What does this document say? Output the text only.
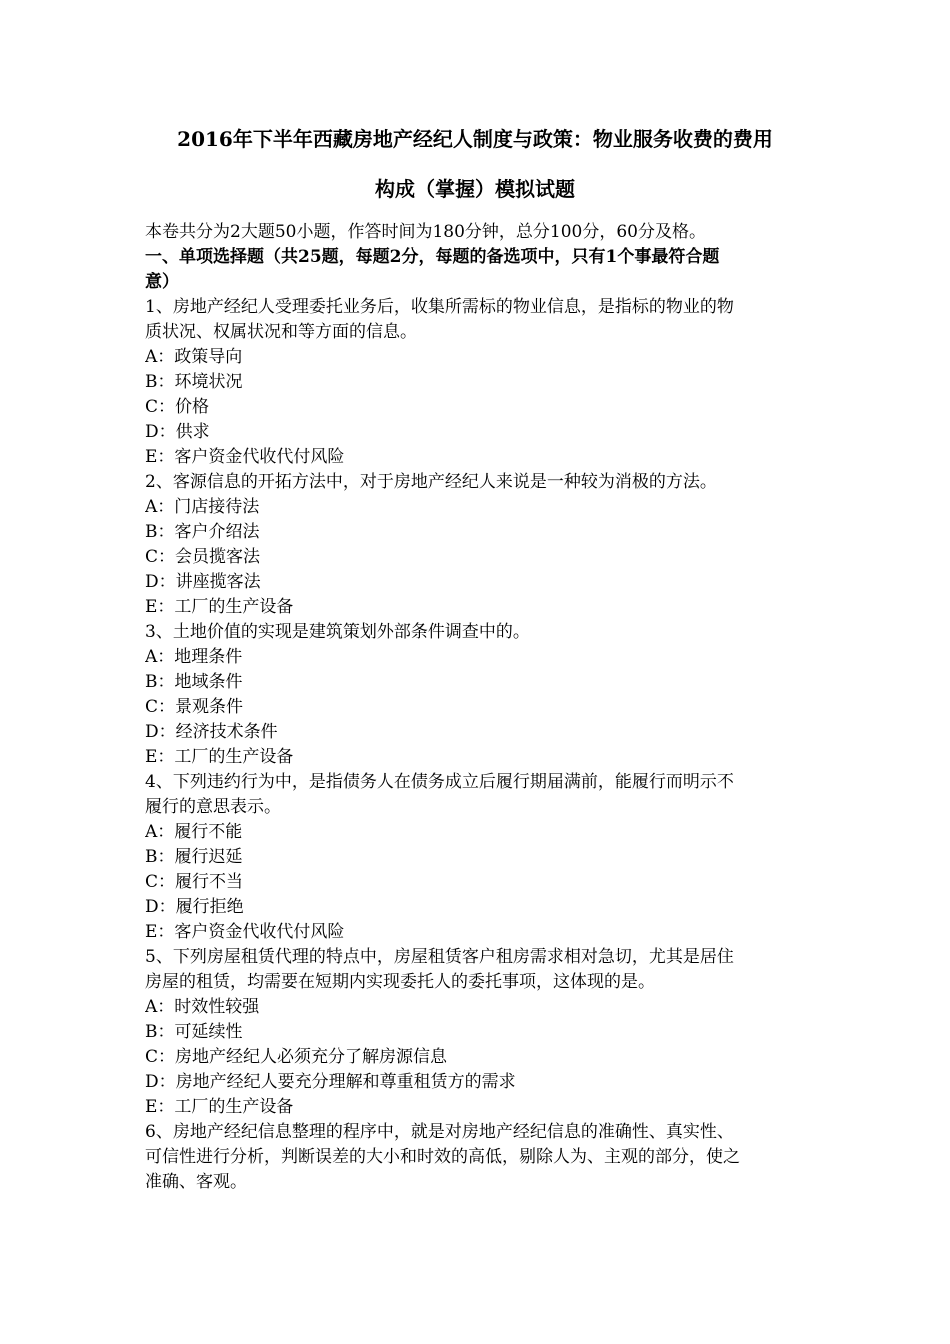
2016年下半年西藏房地产经纪人制度与政策：物业服务收费的费用
构成（掌握）模拟试题
本卷共分为2大题50小题，作答时间为180分钟，总分100分，60分及格。
一、单项选择题（共25题，每题2分，每题的备选项中，只有1个事最符合题
意）
1、房地产经纪人受理委托业务后，收集所需标的物业信息，是指标的物业的物
质状况、权属状况和等方面的信息。
A：政策导向
B：环境状况
C：价格
D：供求
E：客户资金代收代付风险
2、客源信息的开拓方法中，对于房地产经纪人来说是一种较为消极的方法。
A：门店接待法
B：客户介绍法
C：会员揽客法
D：讲座揽客法
E：工厂的生产设备
3、土地价值的实现是建筑策划外部条件调查中的。
A：地理条件
B：地域条件
C：景观条件
D：经济技术条件
E：工厂的生产设备
4、下列违约行为中，是指债务人在债务成立后履行期届满前，能履行而明示不
履行的意思表示。
A：履行不能
B：履行迟延
C：履行不当
D：履行拒绝
E：客户资金代收代付风险
5、下列房屋租赁代理的特点中，房屋租赁客户租房需求相对急切，尤其是居住
房屋的租赁，均需要在短期内实现委托人的委托事项，这体现的是。
A：时效性较强
B：可延续性
C：房地产经纪人必须充分了解房源信息
D：房地产经纪人要充分理解和尊重租赁方的需求
E：工厂的生产设备
6、房地产经纪信息整理的程序中，就是对房地产经纪信息的准确性、真实性、
可信性进行分析，判断误差的大小和时效的高低，剔除人为、主观的部分，使之
准确、客观。
